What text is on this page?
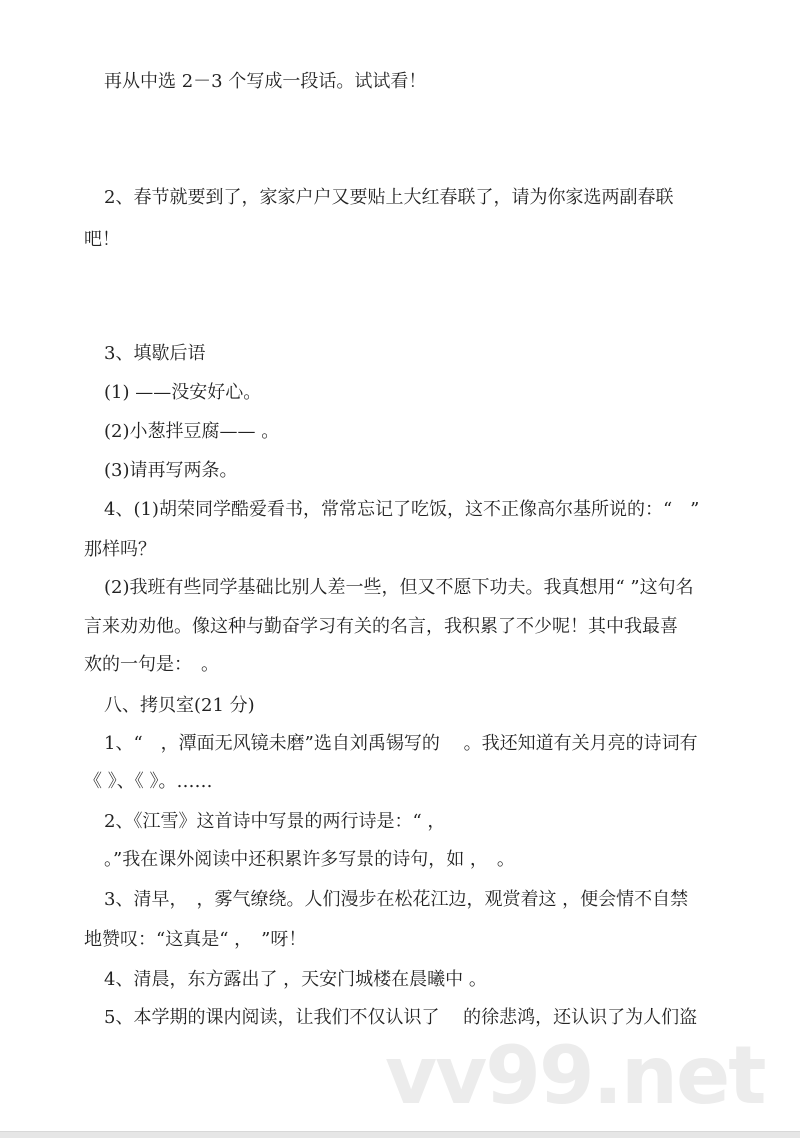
再从中选 2－3 个写成一段话。试试看！
2、春节就要到了，家家户户又要贴上大红春联了，请为你家选两副春联
吧！
3、填歇后语
(1) ——没安好心。
(2)小葱拌豆腐—— 。
(3)请再写两条。
4、(1)胡荣同学酷爱看书，常常忘记了吃饭，这不正像高尔基所说的：“　”
那样吗？
(2)我班有些同学基础比别人差一些，但又不愿下功夫。我真想用“ ”这句名
言来劝劝他。像这种与勤奋学习有关的名言，我积累了不少呢！其中我最喜
欢的一句是：　。
八、拷贝室(21 分)
1、“　，潭面无风镜未磨”选自刘禹锡写的　 。我还知道有关月亮的诗词有
《 》、《 》。……
2、《江雪》这首诗中写景的两行诗是：“ ，
。”我在课外阅读中还积累许多写景的诗句，如 ，　。
3、清早，　，雾气缭绕。人们漫步在松花江边，观赏着这 ，便会情不自禁
地赞叹：“这真是“ ，　”呀！
4、清晨，东方露出了 ，天安门城楼在晨曦中 。
5、本学期的课内阅读，让我们不仅认识了　 的徐悲鸿，还认识了为人们盗
vv99.net
